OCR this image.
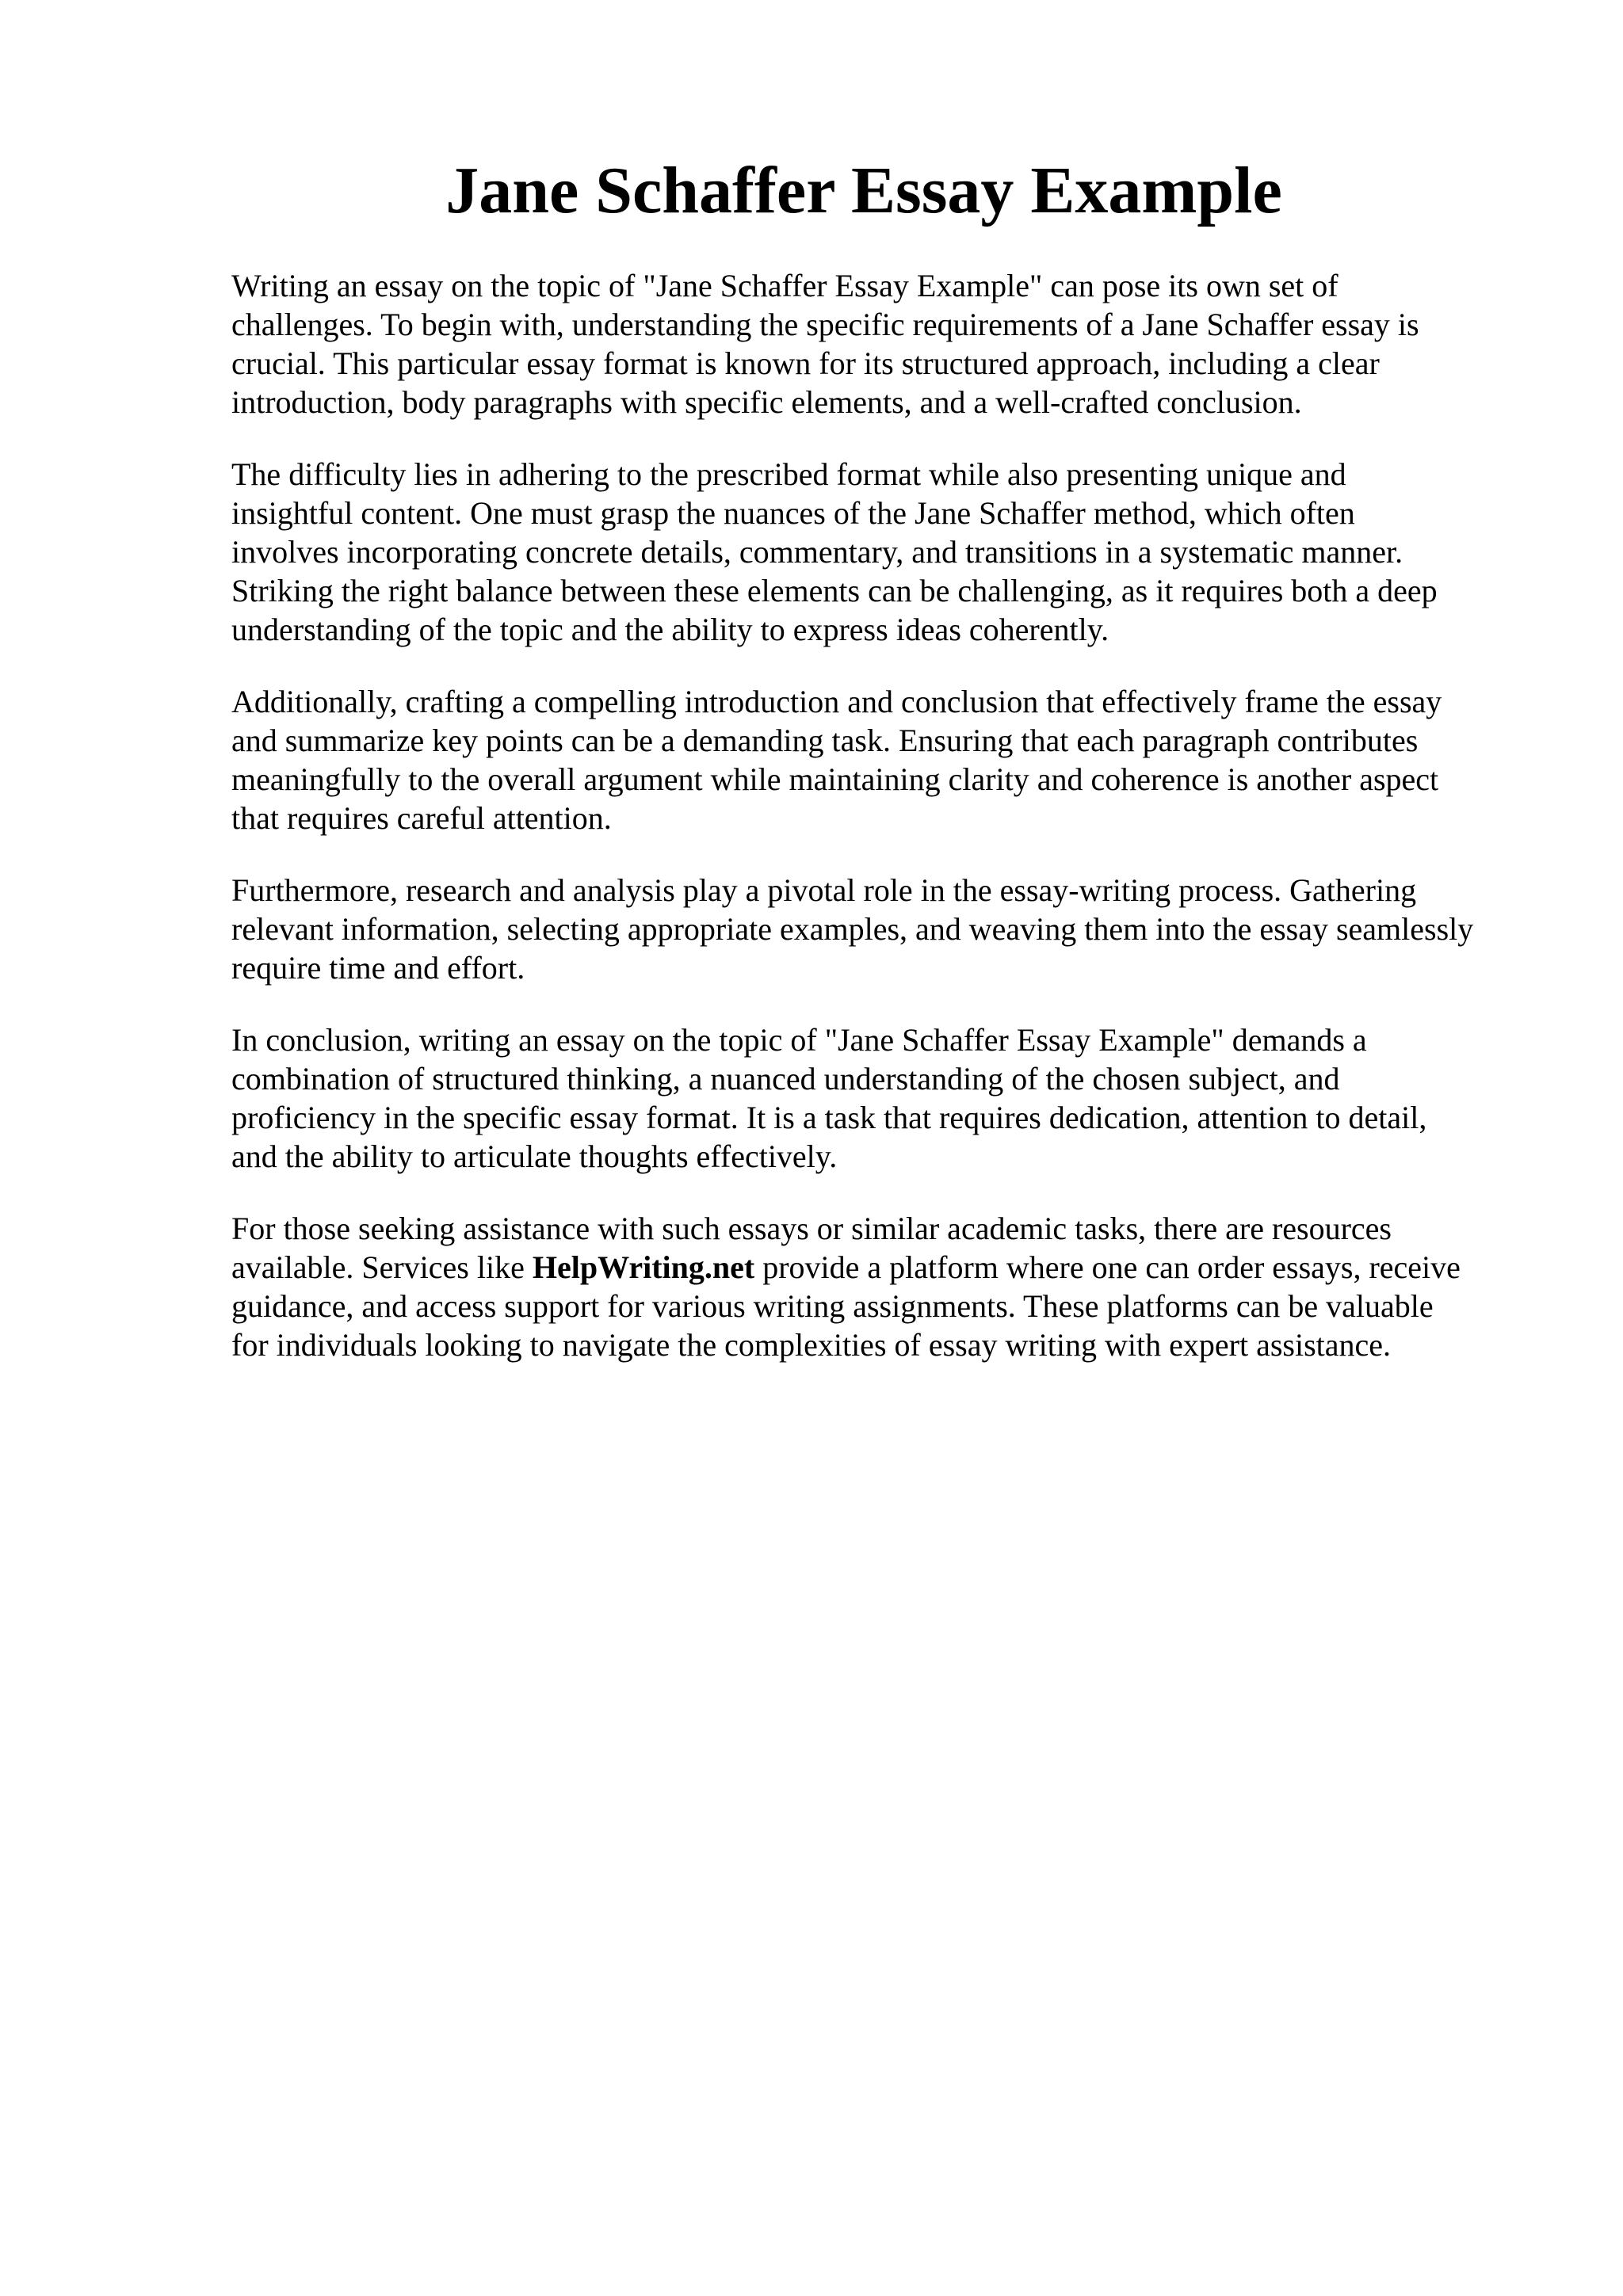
Jane Schaffer Essay Example

Writing an essay on the topic of "Jane Schaffer Essay Example" can pose its own set of
challenges. To begin with, understanding the specific requirements of a Jane Schaffer essay is
crucial. This particular essay format is known for its structured approach, including a clear
introduction, body paragraphs with specific elements, and a well-crafted conclusion.

The difficulty lies in adhering to the prescribed format while also presenting unique and
insightful content. One must grasp the nuances of the Jane Schaffer method, which often
involves incorporating concrete details, commentary, and transitions in a systematic manner.
Striking the right balance between these elements can be challenging, as it requires both a deep
understanding of the topic and the ability to express ideas coherently.

Additionally, crafting a compelling introduction and conclusion that effectively frame the essay
and summarize key points can be a demanding task. Ensuring that each paragraph contributes
meaningfully to the overall argument while maintaining clarity and coherence is another aspect
that requires careful attention.

Furthermore, research and analysis play a pivotal role in the essay-writing process. Gathering
relevant information, selecting appropriate examples, and weaving them into the essay seamlessly
require time and effort.

In conclusion, writing an essay on the topic of "Jane Schaffer Essay Example" demands a
combination of structured thinking, a nuanced understanding of the chosen subject, and
proficiency in the specific essay format. It is a task that requires dedication, attention to detail,
and the ability to articulate thoughts effectively.

For those seeking assistance with such essays or similar academic tasks, there are resources
available. Services like HelpWriting.net provide a platform where one can order essays, receive
guidance, and access support for various writing assignments. These platforms can be valuable
for individuals looking to navigate the complexities of essay writing with expert assistance.
